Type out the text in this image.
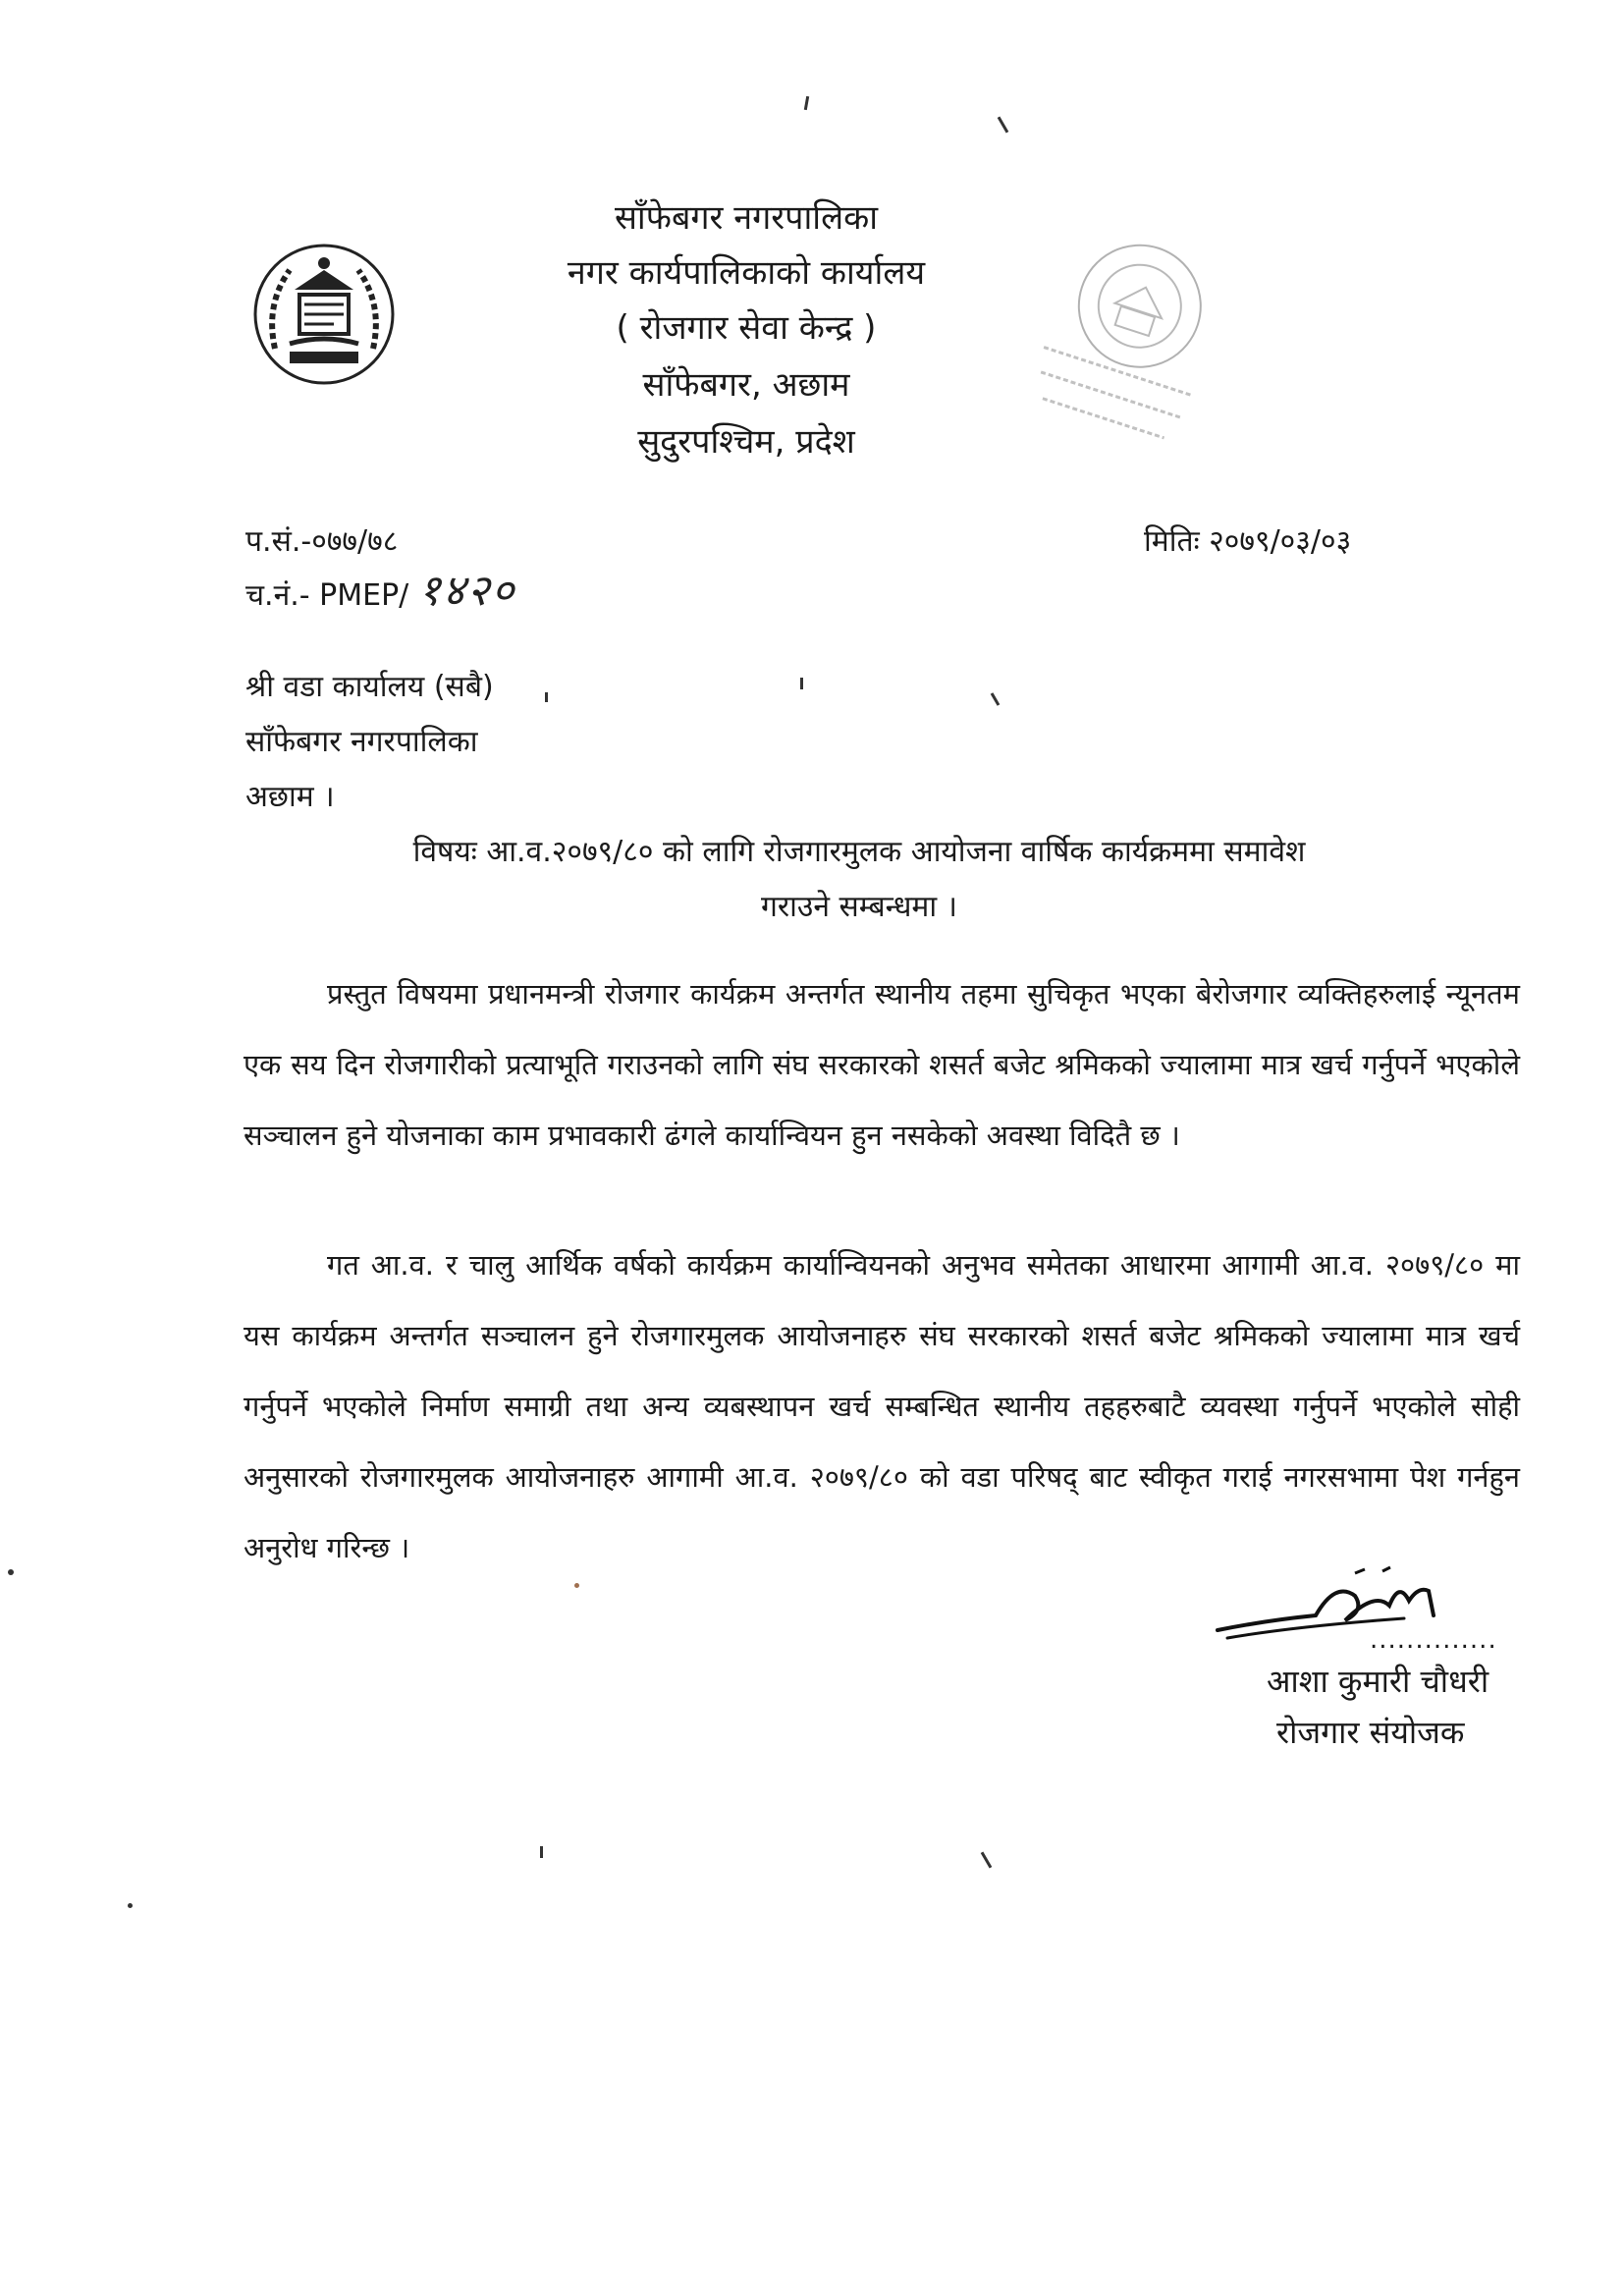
साँफेबगर नगरपालिका
नगर कार्यपालिकाको कार्यालय
( रोजगार सेवा केन्द्र )
साँफेबगर, अछाम
सुदुरपश्चिम, प्रदेश
प.सं.-०७७/७८
च.नं.- PMEP/ १४२०
मितिः २०७९/०३/०३
श्री वडा कार्यालय (सबै)
साँफेबगर नगरपालिका
अछाम ।
विषयः आ.व.२०७९/८० को लागि रोजगारमुलक आयोजना वार्षिक कार्यक्रममा समावेश
गराउने सम्बन्धमा ।
प्रस्तुत विषयमा प्रधानमन्त्री रोजगार कार्यक्रम अन्तर्गत स्थानीय तहमा सुचिकृत भएका बेरोजगार व्यक्तिहरुलाई न्यूनतम एक सय दिन रोजगारीको प्रत्याभूति गराउनको लागि संघ सरकारको शसर्त बजेट श्रमिकको ज्यालामा मात्र खर्च गर्नुपर्ने भएकोले सञ्चालन हुने योजनाका काम प्रभावकारी ढंगले कार्यान्वियन हुन नसकेको अवस्था विदितै छ ।
गत आ.व. र चालु आर्थिक वर्षको कार्यक्रम कार्यान्वियनको अनुभव समेतका आधारमा आगामी आ.व. २०७९/८० मा यस कार्यक्रम अन्तर्गत सञ्चालन हुने रोजगारमुलक आयोजनाहरु संघ सरकारको शसर्त बजेट श्रमिकको ज्यालामा मात्र खर्च गर्नुपर्ने भएकोले निर्माण समाग्री तथा अन्य व्यबस्थापन खर्च सम्बन्धित स्थानीय तहहरुबाटै व्यवस्था गर्नुपर्ने भएकोले सोही अनुसारको रोजगारमुलक आयोजनाहरु आगामी आ.व. २०७९/८० को वडा परिषद् बाट स्वीकृत गराई नगरसभामा पेश गर्नहुन अनुरोध गरिन्छ ।
..............
आशा कुमारी चौधरी
रोजगार संयोजक
